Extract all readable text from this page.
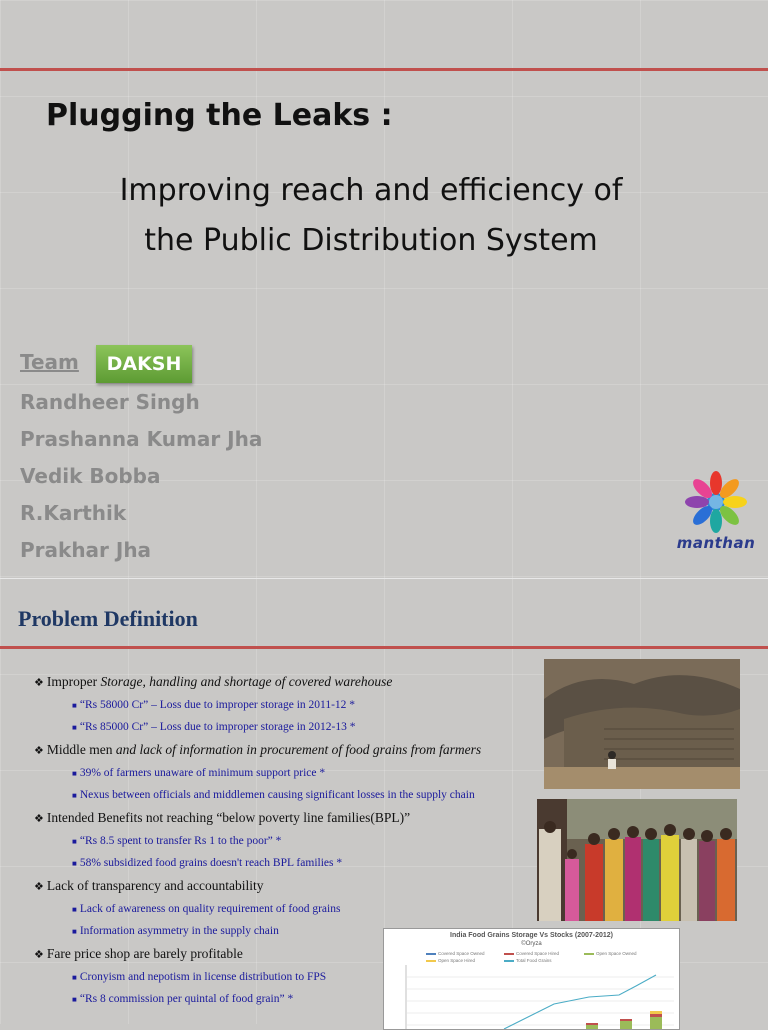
Plugging the Leaks :
Improving reach and efficiency of
the Public Distribution System
Team	DAKSH
Randheer Singh
Prashanna Kumar Jha
Vedik Bobba
R.Karthik
Prakhar Jha	manthan
Problem Definition
❖ Improper Storage, handling and shortage of covered warehouse
■ “Rs 58000 Cr” – Loss due to improper storage in 2011-12 *
■ “Rs 85000 Cr” – Loss due to improper storage in 2012-13 *
❖ Middle men and lack of information in procurement of food grains from farmers
■ 39% of farmers unaware of minimum support price *
■ Nexus between officials and middlemen causing significant losses in the supply chain
❖ Intended Benefits not reaching “below poverty line families(BPL)”
■ “Rs 8.5 spent to transfer Rs 1 to the poor” *
■ 58% subsidized food grains doesn't reach BPL families *
❖ Lack of transparency and accountability
■ Lack of awareness on quality requirement of food grains
■ Information asymmetry in the supply chain
❖ Fare price shop are barely profitable
■ Cronyism and nepotism in license distribution to FPS
■ “Rs 8 commission per quintal of food grain” *
India Food Grains Storage Vs Stocks (2007-2012)
©Oryza
Covered Space Owned	Covered Space Hired	Open Space Owned
Open Space Hired	Total Food Grains
